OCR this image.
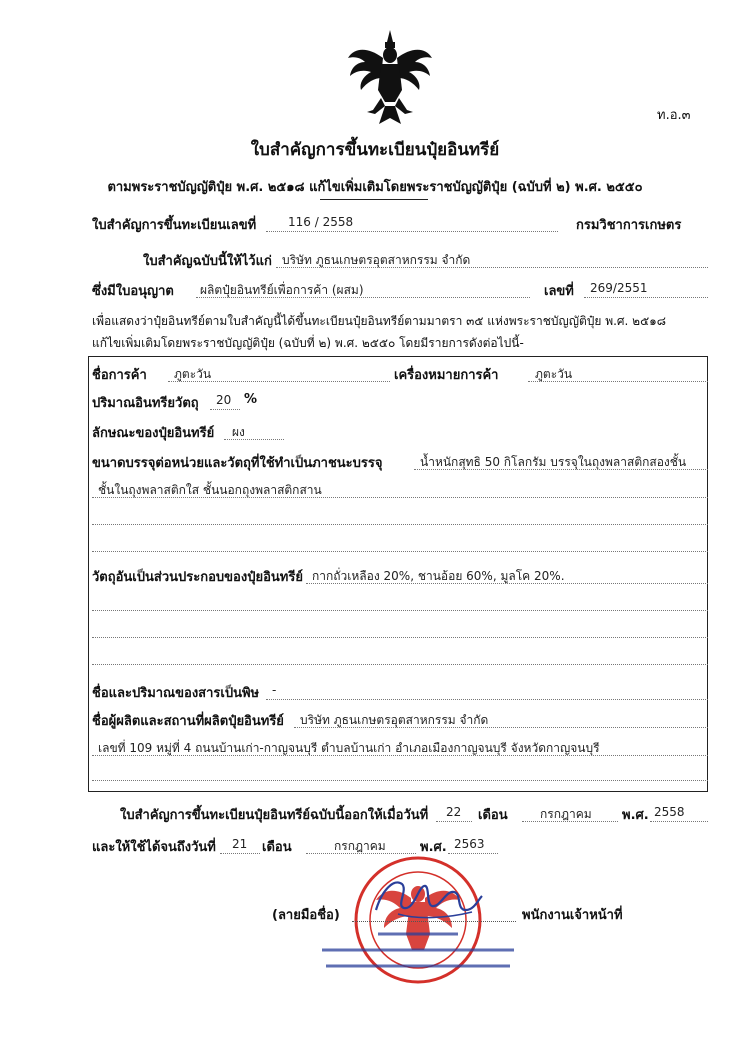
ท.อ.๓
ใบสำคัญการขึ้นทะเบียนปุ๋ยอินทรีย์
ตามพระราชบัญญัติปุ๋ย พ.ศ. ๒๕๑๘ แก้ไขเพิ่มเติมโดยพระราชบัญญัติปุ๋ย (ฉบับที่ ๒) พ.ศ. ๒๕๕๐
ใบสำคัญการขึ้นทะเบียนเลขที่	116 / 2558	กรมวิชาการเกษตร
ใบสำคัญฉบับนี้ให้ไว้แก่ บริษัท ภูธนเกษตรอุตสาหกรรม จำกัด
ซึ่งมีใบอนุญาต ผลิตปุ๋ยอินทรีย์เพื่อการค้า (ผสม)	เลขที่ 269/2551
เพื่อแสดงว่าปุ๋ยอินทรีย์ตามใบสำคัญนี้ได้ขึ้นทะเบียนปุ๋ยอินทรีย์ตามมาตรา ๓๕ แห่งพระราชบัญญัติปุ๋ย พ.ศ. ๒๕๑๘
แก้ไขเพิ่มเติมโดยพระราชบัญญัติปุ๋ย (ฉบับที่ ๒) พ.ศ. ๒๕๕๐ โดยมีรายการดังต่อไปนี้-
ชื่อการค้า ภูตะวัน	เครื่องหมายการค้า	ภูตะวัน
ปริมาณอินทรียวัตถุ 20 %
ลักษณะของปุ๋ยอินทรีย์ ผง
ขนาดบรรจุต่อหน่วยและวัตถุที่ใช้ทำเป็นภาชนะบรรจุ	น้ำหนักสุทธิ 50 กิโลกรัม บรรจุในถุงพลาสติกสองชั้น
ชั้นในถุงพลาสติกใส ชั้นนอกถุงพลาสติกสาน
วัตถุอันเป็นส่วนประกอบของปุ๋ยอินทรีย์ กากถั่วเหลือง 20%, ชานอ้อย 60%, มูลโค 20%.
ชื่อและปริมาณของสารเป็นพิษ -
ชื่อผู้ผลิตและสถานที่ผลิตปุ๋ยอินทรีย์ บริษัท ภูธนเกษตรอุตสาหกรรม จำกัด
เลขที่ 109 หมู่ที่ 4 ถนนบ้านเก่า-กาญจนบุรี ตำบลบ้านเก่า อำเภอเมืองกาญจนบุรี จังหวัดกาญจนบุรี
ใบสำคัญการขึ้นทะเบียนปุ๋ยอินทรีย์ฉบับนี้ออกให้เมื่อวันที่ 22 เดือน	กรกฎาคม พ.ศ. 2558
และให้ใช้ได้จนถึงวันที่ 21 เดือน	กรกฎาคม	พ.ศ. 2563
(ลายมือชื่อ)	พนักงานเจ้าหน้าที่
